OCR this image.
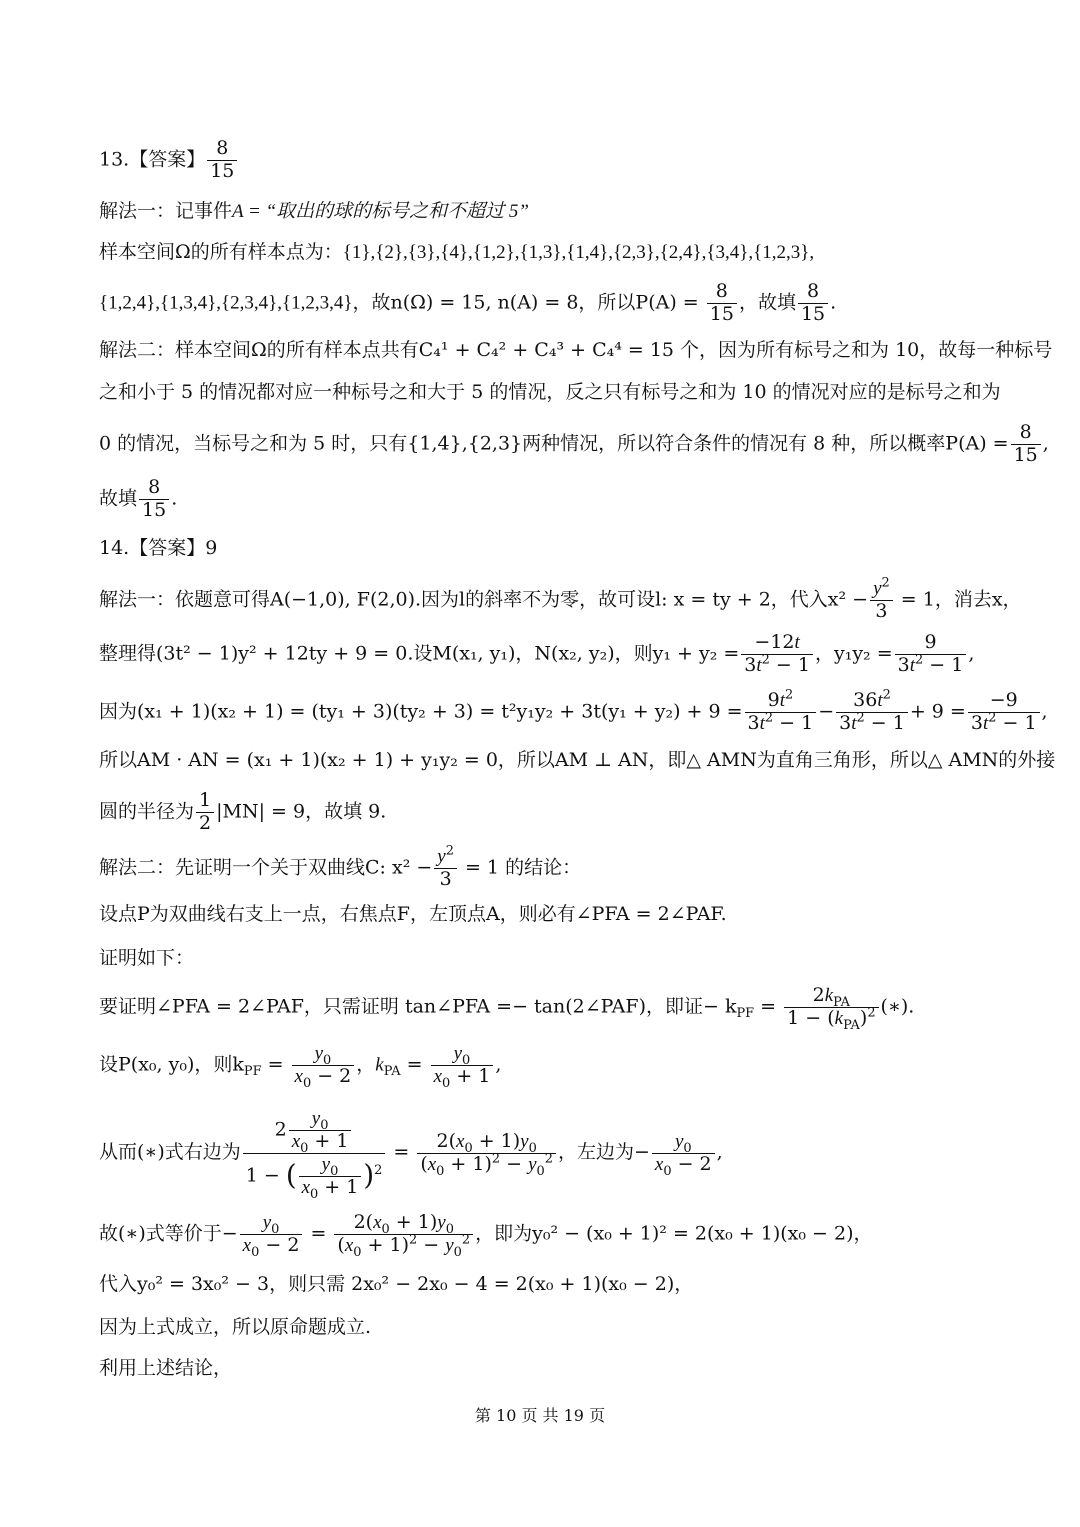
13.【答案】 $\frac{8}{15}$
解法一：记事件A = “取出的球的标号之和不超过 5”
样本空间Ω的所有样本点为：{1},{2},{3},{4},{1,2},{1,3},{1,4},{2,3},{2,4},{3,4},{1,2,3},
{1,2,4},{1,3,4},{2,3,4},{1,2,3,4}，故n(Ω) = 15, n(A) = 8，所以$P(A) = \frac{8}{15}$ ，故填 $\frac{8}{15}$ .
解法二：样本空间Ω的所有样本点共有C₄¹ + C₄² + C₄³ + C₄⁴ = 15 个，因为所有标号之和为 10，故每一种标号
之和小于 5 的情况都对应一种标号之和大于 5 的情况，反之只有标号之和为 10 的情况对应的是标号之和为
0 的情况，当标号之和为 5 时，只有{1,4},{2,3}两种情况，所以符合条件的情况有 8 种，所以概率$P(A) = \frac{8}{15}$ ,
故填 $\frac{8}{15}$ .
14.【答案】9
解法一：依题意可得A(−1,0), F(2,0).因为l的斜率不为零，故可设l: x = ty + 2，代入$x^2 - \frac{y^2}{3} = 1$，消去x，
整理得(3t² − 1)y² + 12ty + 9 = 0.设M(x₁, y₁)，N(x₂, y₂)，则$y_1 + y_2 = \frac{-12t}{3t^2 - 1}$ ，$y_1y_2 = \frac{9}{3t^2 - 1}$ ,
因为$(x_1 + 1)(x_2 + 1) = (ty_1 + 3)(ty_2 + 3) = t^2y_1y_2 + 3t(y_1 + y_2) + 9 = \frac{9t^2}{3t^2 - 1} - \frac{36t^2}{3t^2 - 1} + 9 = \frac{-9}{3t^2 - 1}$ ,
所以AM · AN = (x₁ + 1)(x₂ + 1) + y₁y₂ = 0，所以AM ⊥ AN，即△ AMN为直角三角形，所以△ AMN的外接
圆的半径为 $\frac{1}{2} |MN| = 9$，故填 9.
解法二：先证明一个关于双曲线C: $x^2 - \frac{y^2}{3} = 1$ 的结论：
设点P为双曲线右支上一点，右焦点F，左顶点A，则必有∠PFA = 2∠PAF.
证明如下：
要证明∠PFA = 2∠PAF，只需证明 tan∠PFA =− tan(2∠PAF)，即证− $k_{PF} = \frac{2k_{PA}}{1 - (k_{PA})^2}$ (∗).
设P(x₀, y₀)，则$k_{PF} = \frac{y_0}{x_0 - 2}$ ，$k_{PA} = \frac{y_0}{x_0 + 1}$ ,
从而(∗)式右边为 $\frac{2 \frac{y_0}{x_0 + 1}}{1 - ( \frac{y_0}{x_0 + 1} )^2} = \frac{2(x_0 + 1)y_0}{(x_0 + 1)^2 - y_0^2}$ ，左边为− $\frac{y_0}{x_0 - 2}$ ,
故(∗)式等价于− $\frac{y_0}{x_0 - 2} = \frac{2(x_0 + 1)y_0}{(x_0 + 1)^2 - y_0^2}$ ，即为y₀² − (x₀ + 1)² = 2(x₀ + 1)(x₀ − 2)，
代入y₀² = 3x₀² − 3，则只需 2x₀² − 2x₀ − 4 = 2(x₀ + 1)(x₀ − 2)，
因为上式成立，所以原命题成立.
利用上述结论，
第 10 页 共 19 页
